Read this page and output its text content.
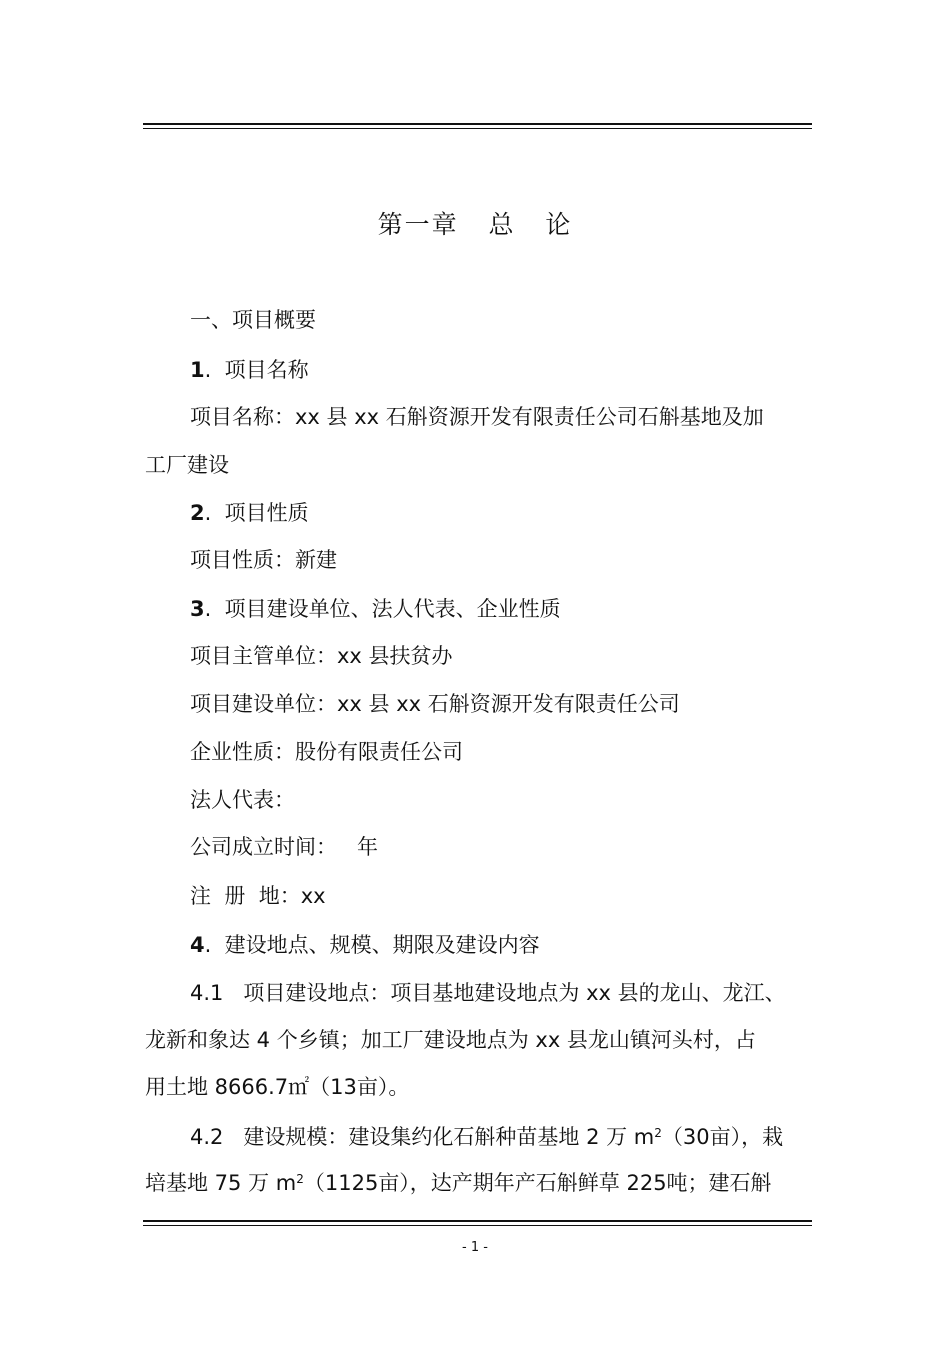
第一章   总   论
一、项目概要
1.  项目名称
项目名称：xx 县 xx 石斛资源开发有限责任公司石斛基地及加
工厂建设
2.  项目性质
项目性质：新建
3.  项目建设单位、法人代表、企业性质
项目主管单位：xx 县扶贫办
项目建设单位：xx 县 xx 石斛资源开发有限责任公司
企业性质：股份有限责任公司
法人代表：
公司成立时间：   年
注  册  地：xx
4.  建设地点、规模、期限及建设内容
4.1   项目建设地点：项目基地建设地点为 xx 县的龙山、龙江、
龙新和象达 4 个乡镇；加工厂建设地点为 xx 县龙山镇河头村，占
用土地 8666.7㎡（13亩）。
4.2   建设规模：建设集约化石斛种苗基地 2 万 $m^2(30$亩），栽
培基地 75 万 $m^2(1125$亩），达产期年产石斛鲜草 225吨；建石斛
- 1 -
